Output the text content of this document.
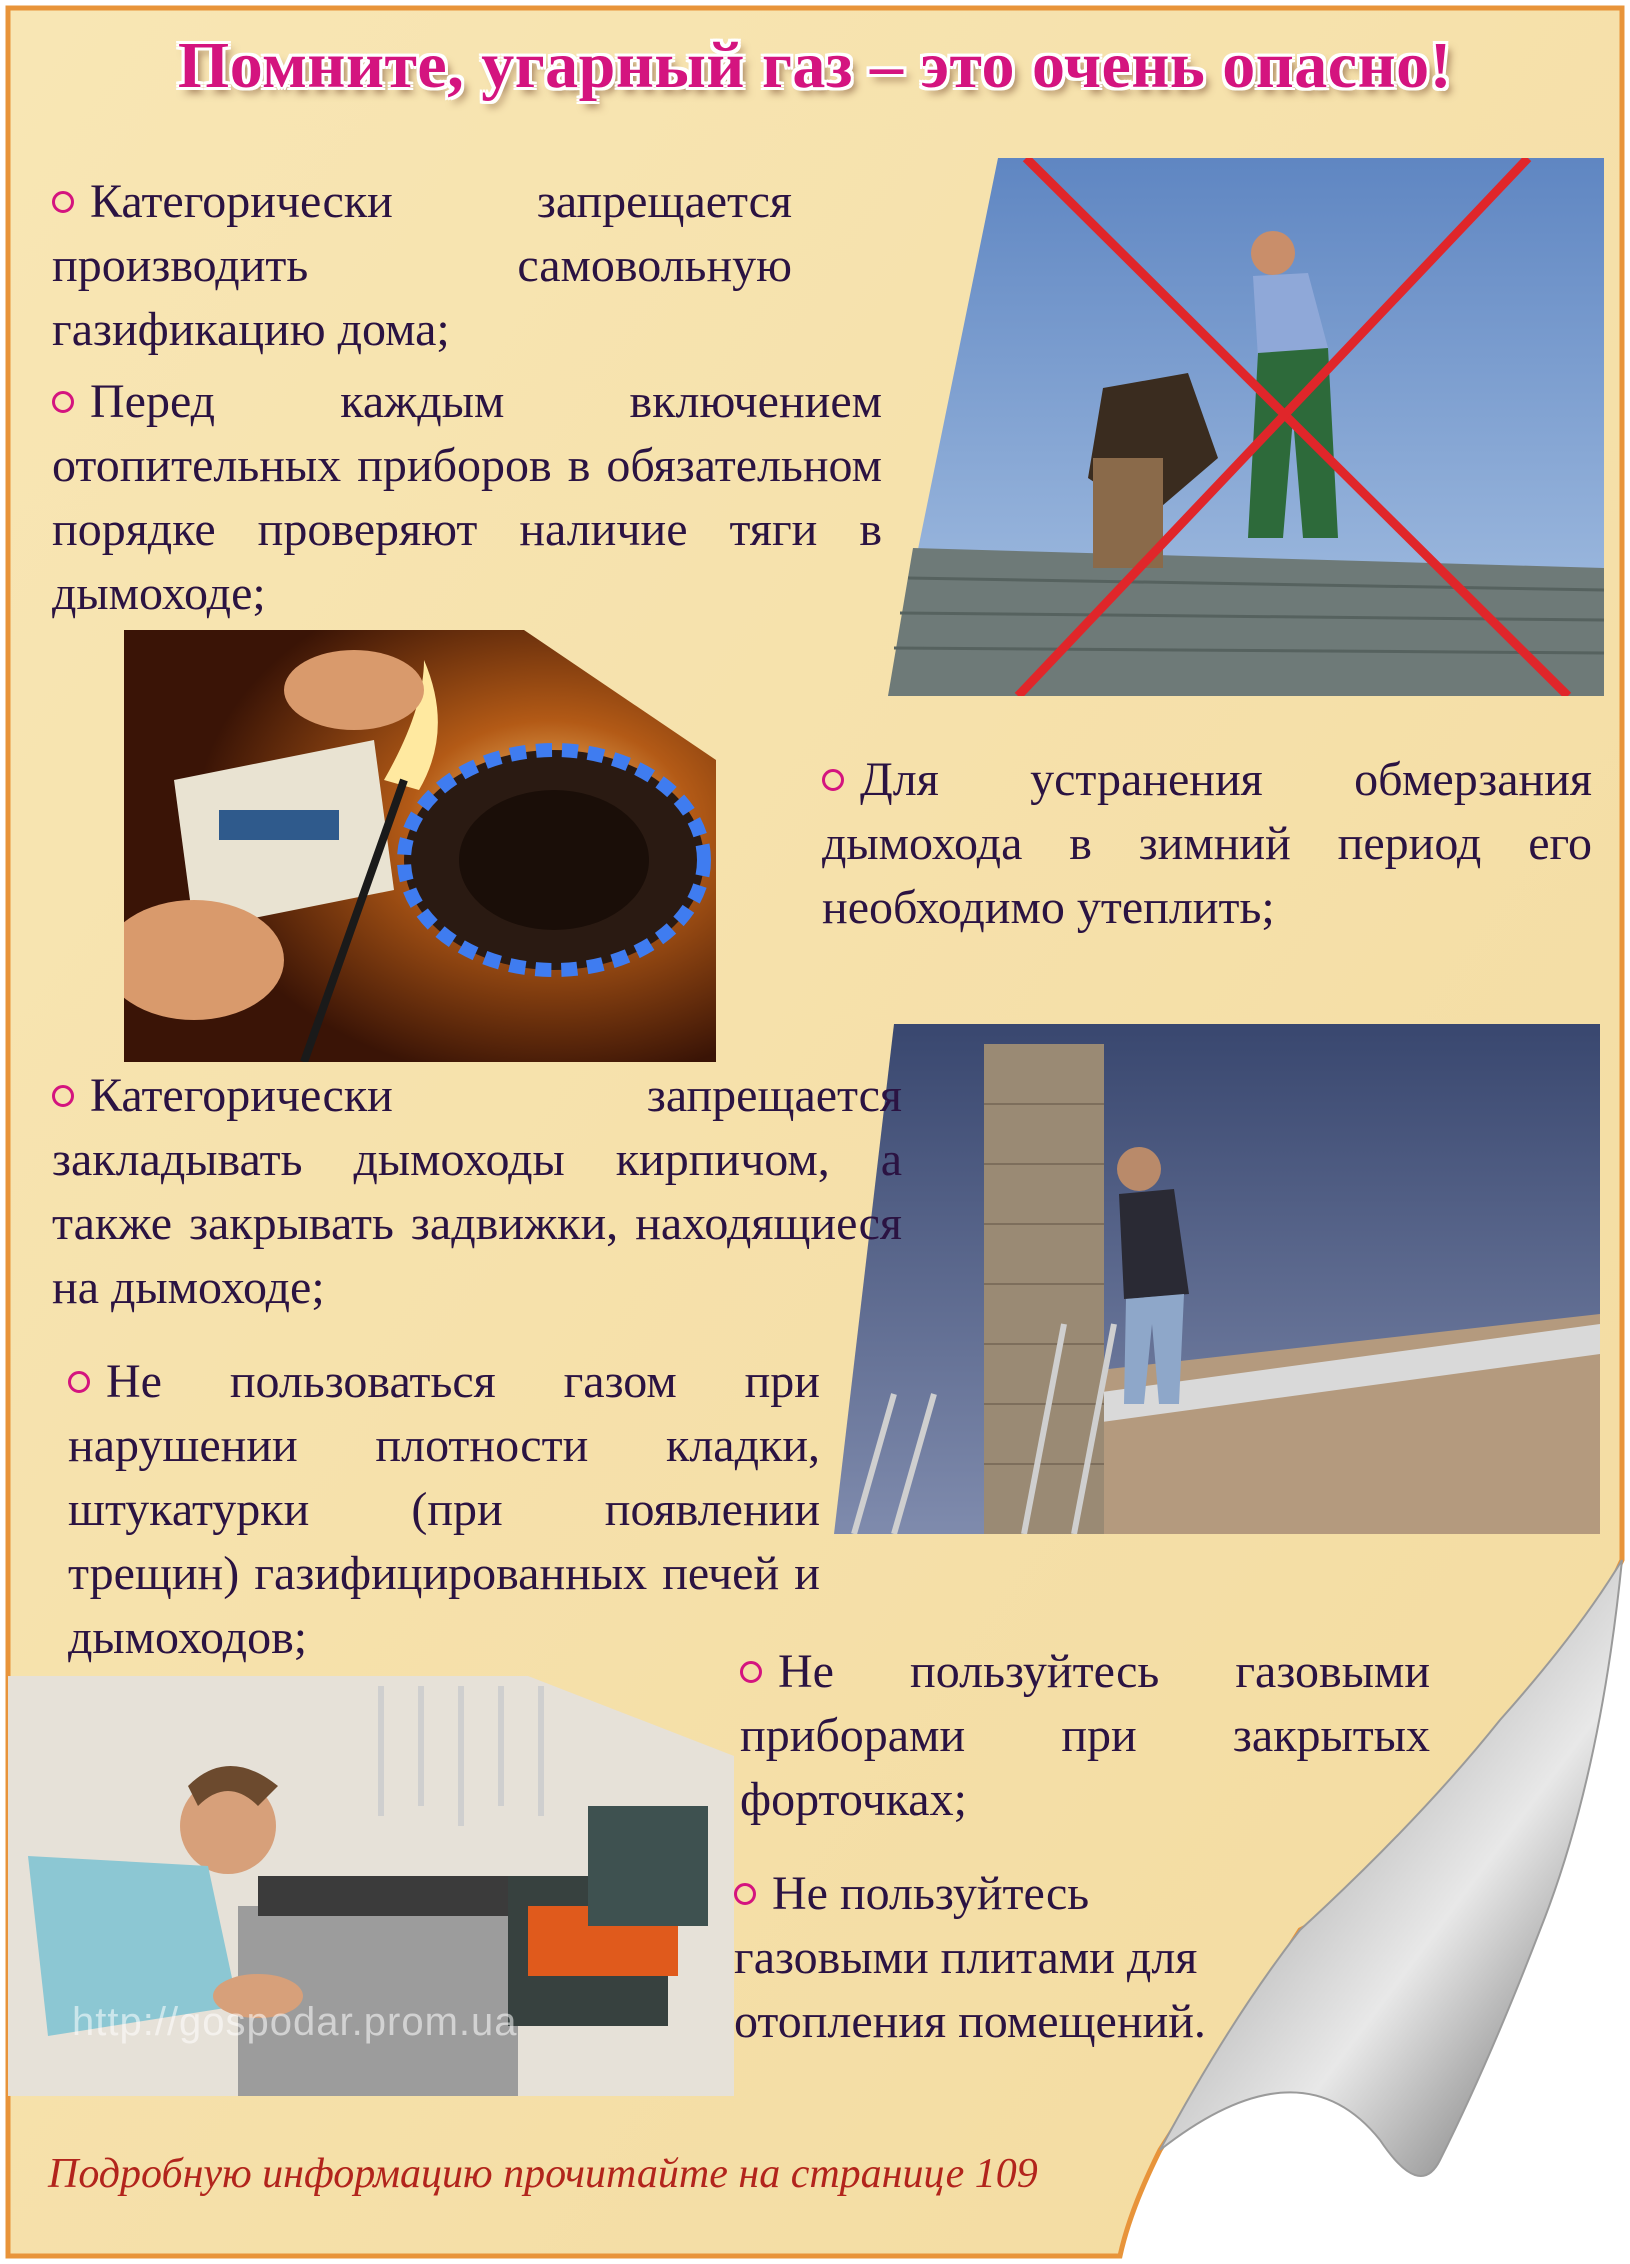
Помните, угарный газ – это очень опасно!
http://gospodar.prom.ua
Категорически запрещается производить самовольную газификацию дома;
Перед каждым включением отопительных приборов в обязательном порядке проверяют наличие тяги в дымоходе;
Для устранения обмерзания дымохода в зимний период его необходимо утеплить;
Категорически запрещается закладывать дымоходы кирпичом, а также закрывать задвижки, находящиеся на дымоходе;
Не пользоваться газом при нарушении плотности кладки, штукатурки (при появлении трещин) газифицированных печей и дымоходов;
Не пользуйтесь газовыми приборами при закрытых форточках;
Не пользуйтесь газовыми плитами для отопления помещений.
Подробную информацию прочитайте на странице 109
